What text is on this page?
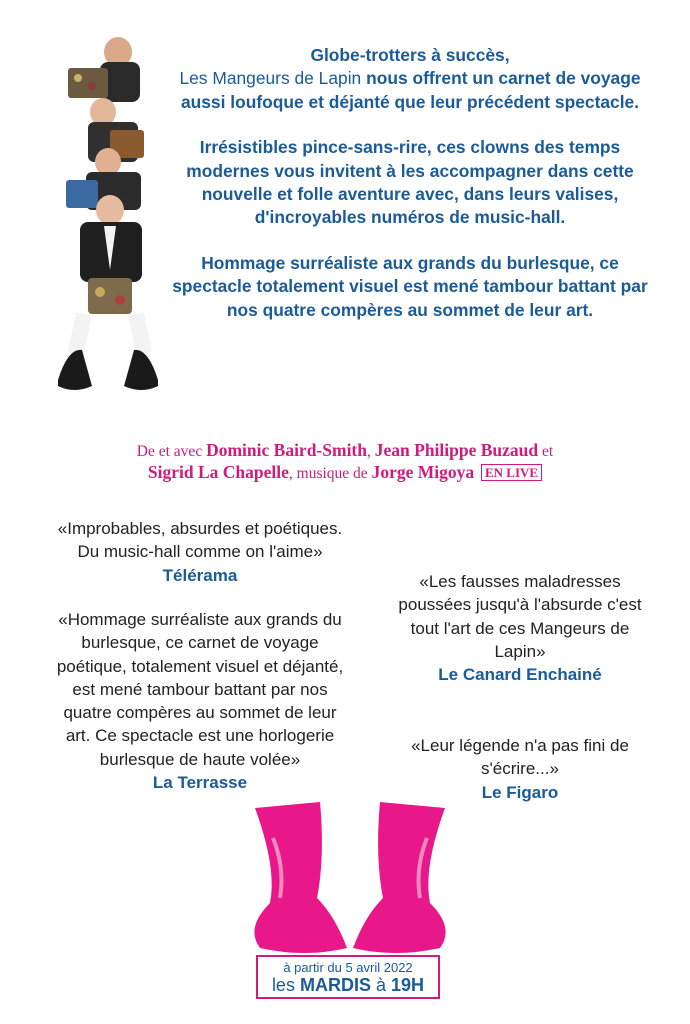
Globe-trotters à succès,
Les Mangeurs de Lapin nous offrent un carnet de voyage aussi loufoque et déjanté que leur précédent spectacle.

Irrésistibles pince-sans-rire, ces clowns des temps modernes vous invitent à les accompagner dans cette nouvelle et folle aventure avec, dans leurs valises, d'incroyables numéros de music-hall.

Hommage surréaliste aux grands du burlesque, ce spectacle totalement visuel est mené tambour battant par nos quatre compères au sommet de leur art.

De et avec Dominic Baird-Smith, Jean Philippe Buzaud et
Sigrid La Chapelle, musique de Jorge Migoya EN LIVE
«Improbables, absurdes et poétiques. Du music-hall comme on l'aime»
Télérama
«Hommage surréaliste aux grands du burlesque, ce carnet de voyage poétique, totalement visuel et déjanté, est mené tambour battant par nos quatre compères au sommet de leur art. Ce spectacle est une horlogerie burlesque de haute volée»
La Terrasse
«Les fausses maladresses poussées jusqu'à l'absurde c'est tout l'art de ces Mangeurs de Lapin»
Le Canard Enchainé
«Leur légende n'a pas fini de s'écrire...»
Le Figaro
à partir du 5 avril 2022
les MARDIS à 19H
